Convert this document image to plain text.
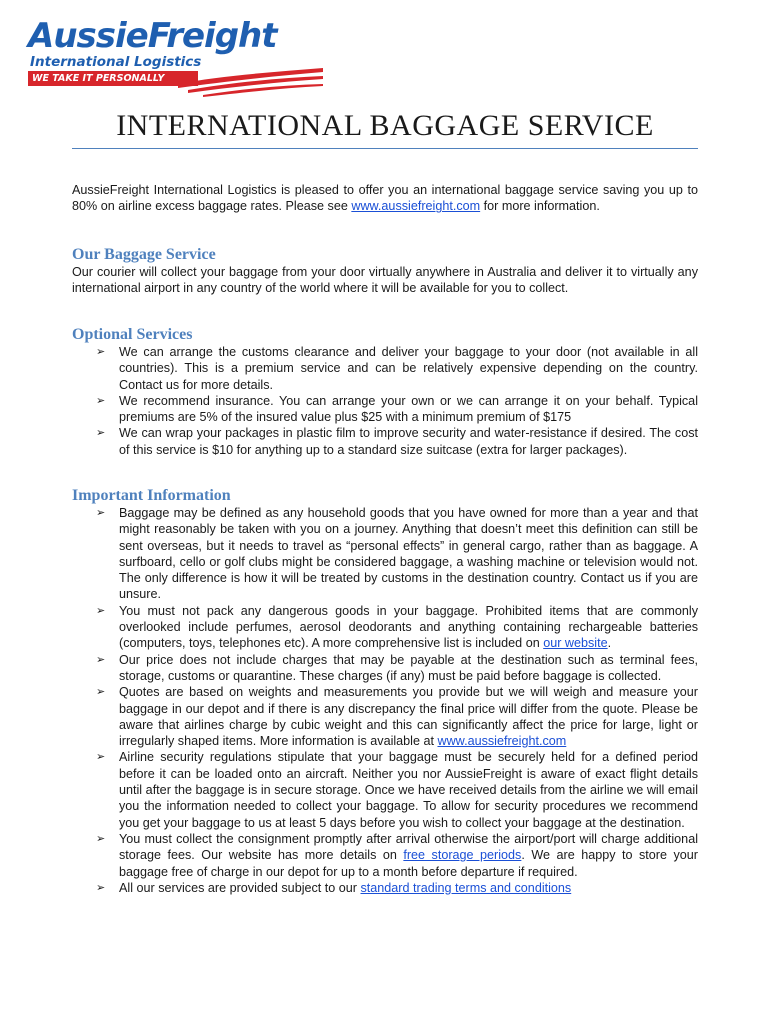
AussieFreight
International Logistics
WE TAKE IT PERSONALLY
INTERNATIONAL BAGGAGE SERVICE
AussieFreight International Logistics is pleased to offer you an international baggage service saving you up to 80% on airline excess baggage rates. Please see www.aussiefreight.com for more information.
Our Baggage Service
Our courier will collect your baggage from your door virtually anywhere in Australia and deliver it to virtually any international airport in any country of the world where it will be available for you to collect.
Optional Services
➢ We can arrange the customs clearance and deliver your baggage to your door (not available in all countries). This is a premium service and can be relatively expensive depending on the country. Contact us for more details.
➢ We recommend insurance. You can arrange your own or we can arrange it on your behalf. Typical premiums are 5% of the insured value plus $25 with a minimum premium of $175
➢ We can wrap your packages in plastic film to improve security and water-resistance if desired. The cost of this service is $10 for anything up to a standard size suitcase (extra for larger packages).
Important Information
➢ Baggage may be defined as any household goods that you have owned for more than a year and that might reasonably be taken with you on a journey. Anything that doesn’t meet this definition can still be sent overseas, but it needs to travel as “personal effects” in general cargo, rather than as baggage. A surfboard, cello or golf clubs might be considered baggage, a washing machine or television would not. The only difference is how it will be treated by customs in the destination country. Contact us if you are unsure.
➢ You must not pack any dangerous goods in your baggage. Prohibited items that are commonly overlooked include perfumes, aerosol deodorants and anything containing rechargeable batteries (computers, toys, telephones etc). A more comprehensive list is included on our website.
➢ Our price does not include charges that may be payable at the destination such as terminal fees, storage, customs or quarantine. These charges (if any) must be paid before baggage is collected.
➢ Quotes are based on weights and measurements you provide but we will weigh and measure your baggage in our depot and if there is any discrepancy the final price will differ from the quote. Please be aware that airlines charge by cubic weight and this can significantly affect the price for large, light or irregularly shaped items. More information is available at www.aussiefreight.com
➢ Airline security regulations stipulate that your baggage must be securely held for a defined period before it can be loaded onto an aircraft. Neither you nor AussieFreight is aware of exact flight details until after the baggage is in secure storage. Once we have received details from the airline we will email you the information needed to collect your baggage. To allow for security procedures we recommend you get your baggage to us at least 5 days before you wish to collect your baggage at the destination.
➢ You must collect the consignment promptly after arrival otherwise the airport/port will charge additional storage fees. Our website has more details on free storage periods. We are happy to store your baggage free of charge in our depot for up to a month before departure if required.
➢ All our services are provided subject to our standard trading terms and conditions
